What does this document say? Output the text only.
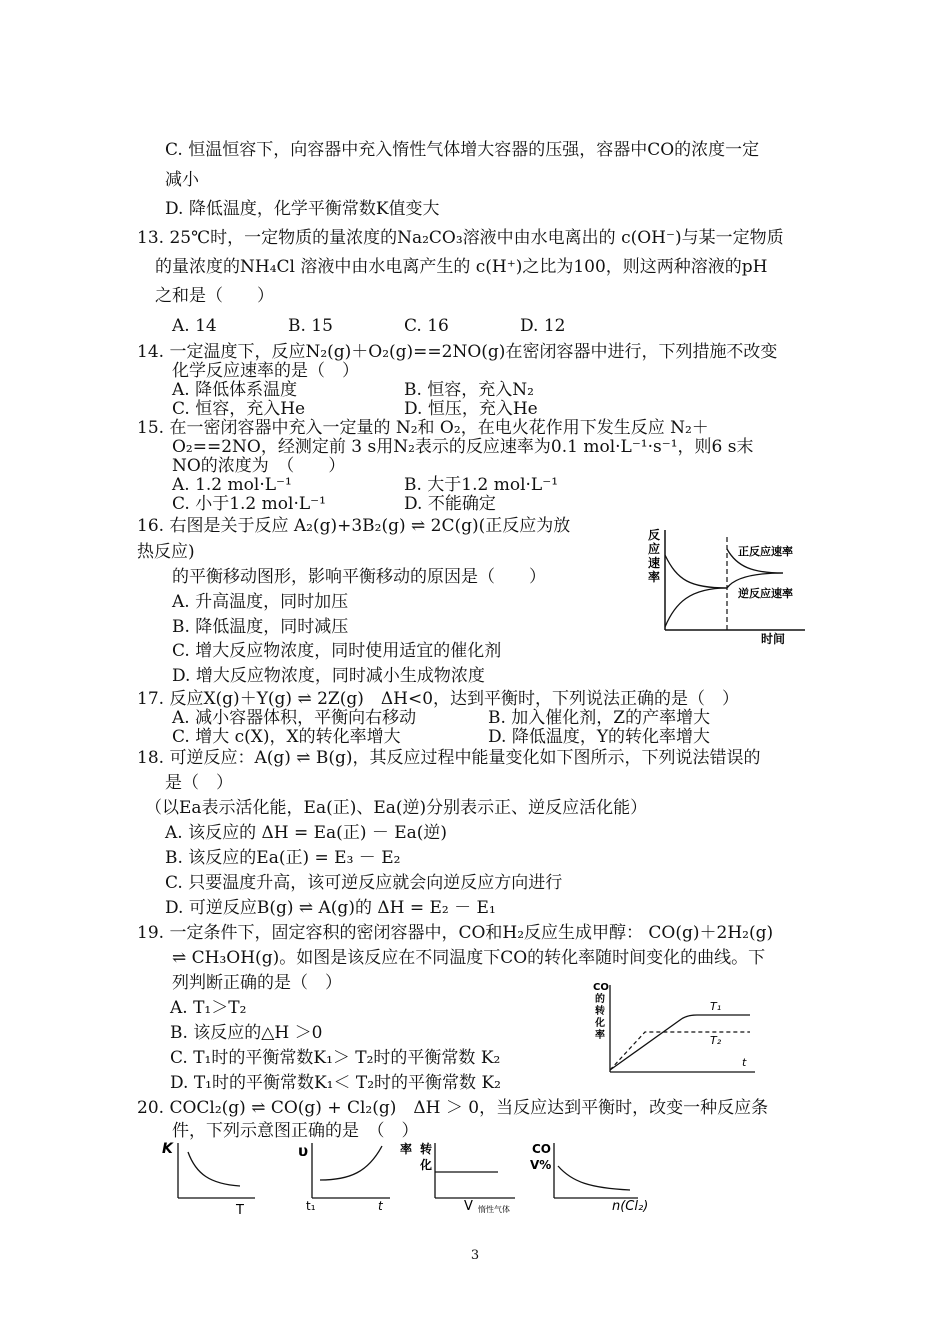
C. 恒温恒容下，向容器中充入惰性气体增大容器的压强，容器中CO的浓度一定
减小
D. 降低温度，化学平衡常数K值变大
13. 25℃时，一定物质的量浓度的Na₂CO₃溶液中由水电离出的 c(OH⁻)与某一定物质
的量浓度的NH₄Cl 溶液中由水电离产生的 c(H⁺)之比为100，则这两种溶液的pH
之和是（　　）
A. 14	B. 15	C. 16	D. 12
14. 一定温度下，反应N₂(g)＋O₂(g)==2NO(g)在密闭容器中进行，下列措施不改变
化学反应速率的是（　）
A. 降低体系温度	B. 恒容，充入N₂
C. 恒容，充入He	D. 恒压，充入He
15. 在一密闭容器中充入一定量的 N₂和 O₂，在电火花作用下发生反应 N₂＋
O₂==2NO，经测定前 3 s用N₂表示的反应速率为0.1 mol·L⁻¹·s⁻¹，则6 s末
NO的浓度为　（　　）
A. 1.2 mol·L⁻¹	B. 大于1.2 mol·L⁻¹
C. 小于1.2 mol·L⁻¹	D. 不能确定
16. 右图是关于反应 A₂(g)+3B₂(g) ⇌ 2C(g)(正反应为放
热反应)
的平衡移动图形，影响平衡移动的原因是（　　）
A. 升高温度，同时加压
B. 降低温度，同时减压
C. 增大反应物浓度，同时使用适宜的催化剂
D. 增大反应物浓度，同时减小生成物浓度
反
应
速
率
正反应速率
逆反应速率
时间
17. 反应X(g)＋Y(g) ⇌ 2Z(g)　ΔH<0，达到平衡时，下列说法正确的是（　）
A. 减小容器体积，平衡向右移动	B. 加入催化剂，Z的产率增大
C. 增大 c(X)，X的转化率增大	D. 降低温度，Y的转化率增大
18. 可逆反应：A(g) ⇌ B(g)，其反应过程中能量变化如下图所示，下列说法错误的
是（　）
（以Ea表示活化能，Ea(正)、Ea(逆)分别表示正、逆反应活化能）
A. 该反应的 ΔH = Ea(正) － Ea(逆)
B. 该反应的Ea(正) = E₃ － E₂
C. 只要温度升高，该可逆反应就会向逆反应方向进行
D. 可逆反应B(g) ⇌ A(g)的 ΔH = E₂ － E₁
19. 一定条件下，固定容积的密闭容器中，CO和H₂反应生成甲醇： CO(g)＋2H₂(g)
⇌ CH₃OH(g)。如图是该反应在不同温度下CO的转化率随时间变化的曲线。下
列判断正确的是（　）
A. T₁＞T₂
B. 该反应的△H ＞0
C. T₁时的平衡常数K₁＞ T₂时的平衡常数 K₂
D. T₁时的平衡常数K₁＜ T₂时的平衡常数 K₂
CO
的
转
化
率
T₁
T₂
t
20. COCl₂(g) ⇌ CO(g) + Cl₂(g)　ΔH ＞ 0，当反应达到平衡时，改变一种反应条
件，下列示意图正确的是　（　）
K
T
υ
t₁	t
率 转
化
V 惰性气体
CO
V%
n(Cl₂)
3
